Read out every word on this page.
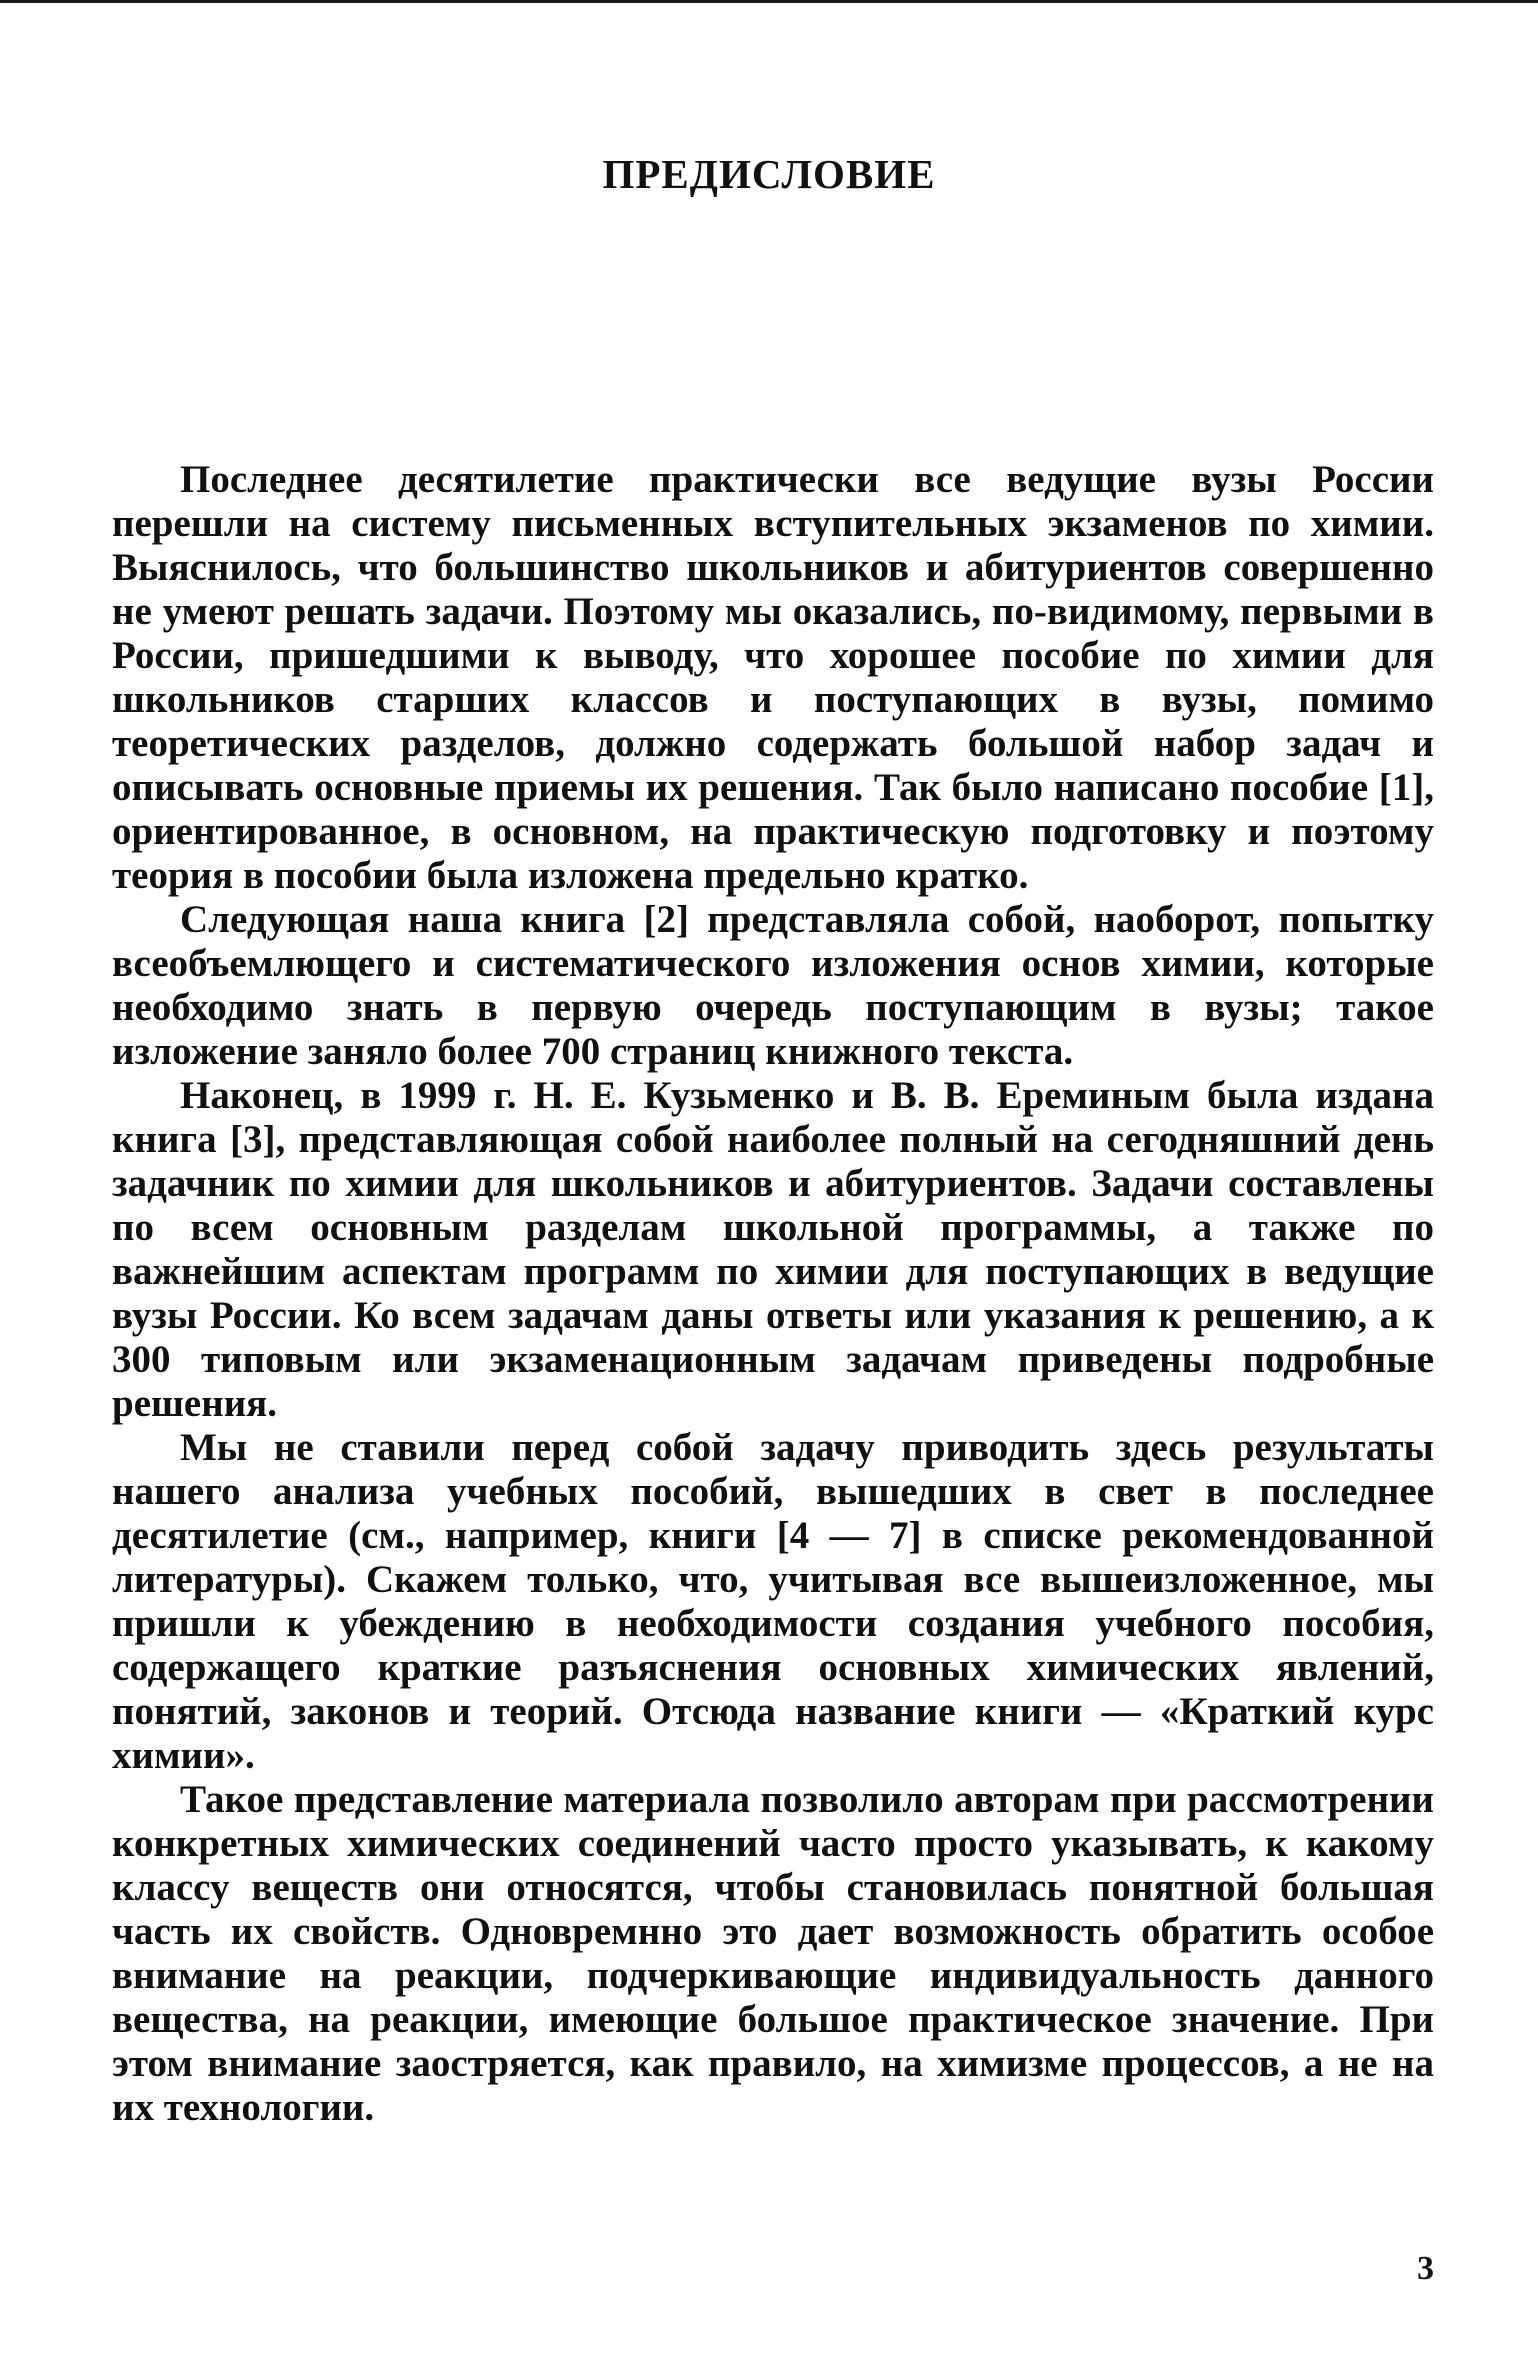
ПРЕДИСЛОВИЕ

Последнее десятилетие практически все ведущие вузы России перешли на систему письменных вступительных экзаменов по химии. Выяснилось, что большинство школьников и абитуриентов совершенно не умеют решать задачи. Поэтому мы оказались, по-видимому, первыми в России, пришедшими к выводу, что хорошее пособие по химии для школьников старших классов и поступающих в вузы, помимо теоретических разделов, должно содержать большой набор задач и описывать основные приемы их решения. Так было написано пособие [1], ориентированное, в основном, на практическую подготовку и поэтому теория в пособии была изложена предельно кратко.

Следующая наша книга [2] представляла собой, наоборот, попытку всеобъемлющего и систематического изложения основ химии, которые необходимо знать в первую очередь поступающим в вузы; такое изложение заняло более 700 страниц книжного текста.

Наконец, в 1999 г. Н. Е. Кузьменко и В. В. Ереминым была издана книга [3], представляющая собой наиболее полный на сегодняшний день задачник по химии для школьников и абитуриентов. Задачи составлены по всем основным разделам школьной программы, а также по важнейшим аспектам программ по химии для поступающих в ведущие вузы России. Ко всем задачам даны ответы или указания к решению, а к 300 типовым или экзаменационным задачам приведены подробные решения.

Мы не ставили перед собой задачу приводить здесь результаты нашего анализа учебных пособий, вышедших в свет в последнее десятилетие (см., например, книги [4 — 7] в списке рекомендованной литературы). Скажем только, что, учитывая все вышеизложенное, мы пришли к убеждению в необходимости создания учебного пособия, содержащего краткие разъяснения основных химических явлений, понятий, законов и теорий. Отсюда название книги — «Краткий курс химии».

Такое представление материала позволило авторам при рассмотрении конкретных химических соединений часто просто указывать, к какому классу веществ они относятся, чтобы становилась понятной большая часть их свойств. Одновремнно это дает возможность обратить особое внимание на реакции, подчеркивающие индивидуальность данного вещества, на реакции, имеющие большое практическое значение. При этом внимание заостряется, как правило, на химизме процессов, а не на их технологии.

3
